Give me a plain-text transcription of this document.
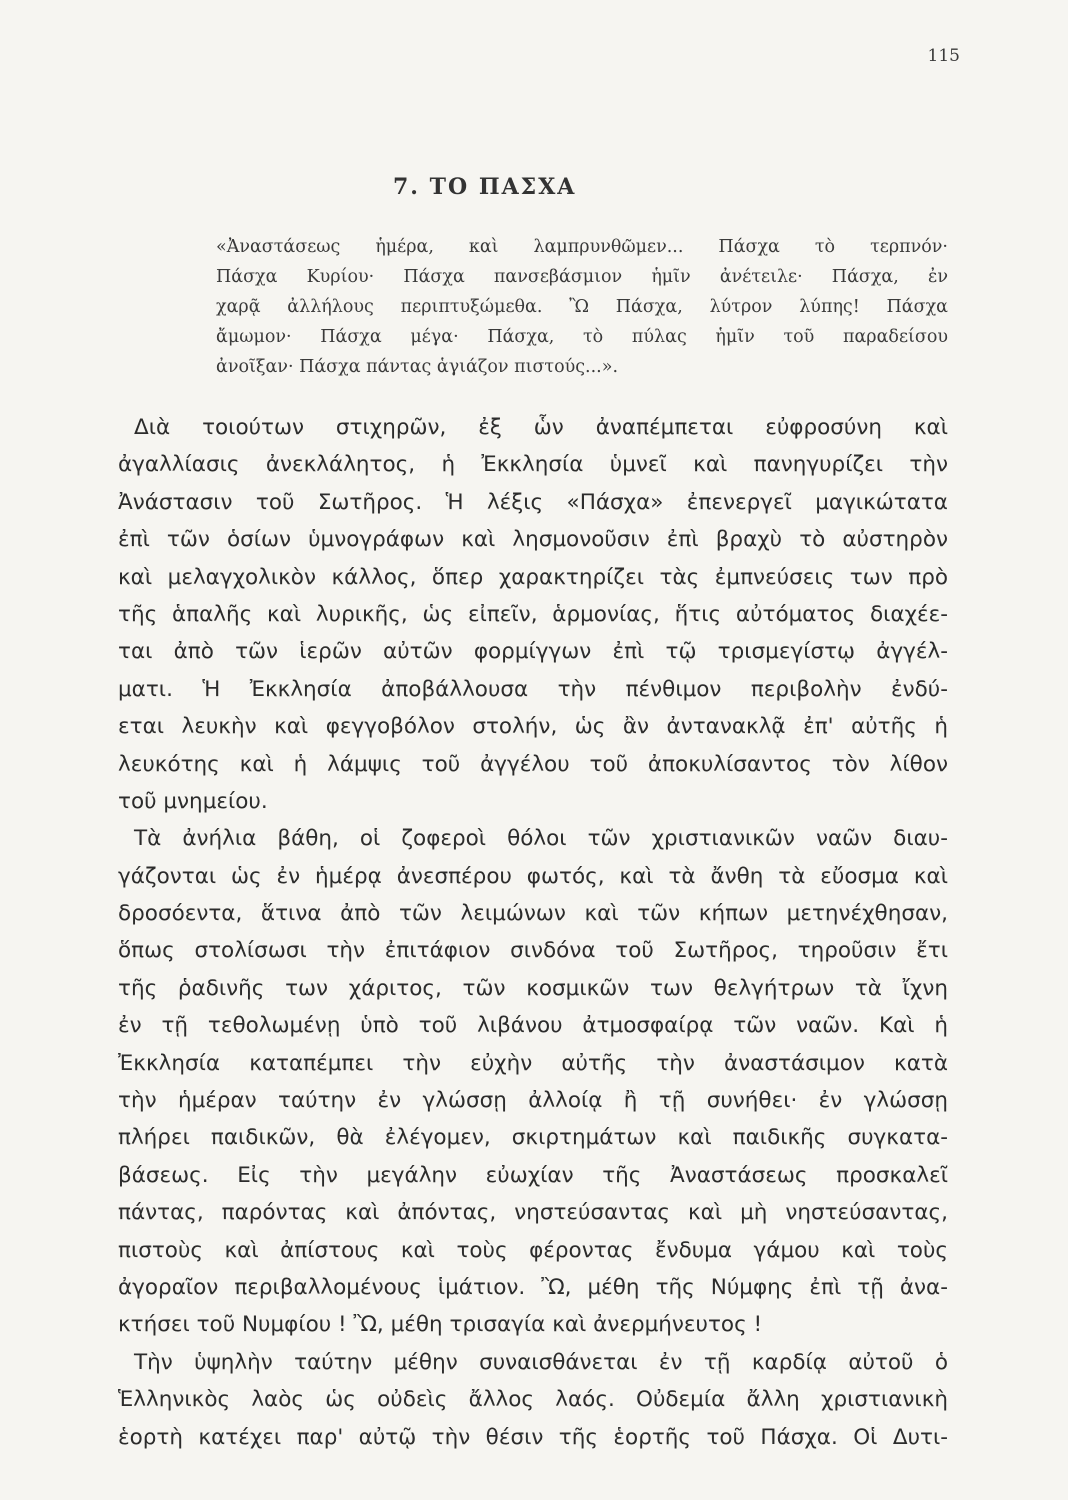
115
7. ΤΟ ΠΑΣΧΑ
«Ἀναστάσεως ἡμέρα, καὶ λαμπρυνθῶμεν... Πάσχα τὸ τερπνόν·
Πάσχα Κυρίου· Πάσχα πανσεβάσμιον ἡμῖν ἀνέτειλε· Πάσχα, ἐν
χαρᾷ ἀλλήλους περιπτυξώμεθα. Ὢ Πάσχα, λύτρον λύπης! Πάσχα
ἄμωμον· Πάσχα μέγα· Πάσχα, τὸ πύλας ἡμῖν τοῦ παραδείσου
ἀνοῖξαν· Πάσχα πάντας ἁγιάζον πιστούς...».
Διὰ τοιούτων στιχηρῶν, ἐξ ὧν ἀναπέμπεται εὐφροσύνη καὶ
ἀγαλλίασις ἀνεκλάλητος, ἡ Ἐκκλησία ὑμνεῖ καὶ πανηγυρίζει τὴν
Ἀνάστασιν τοῦ Σωτῆρος. Ἡ λέξις «Πάσχα» ἐπενεργεῖ μαγικώτατα
ἐπὶ τῶν ὁσίων ὑμνογράφων καὶ λησμονοῦσιν ἐπὶ βραχὺ τὸ αὐστηρὸν
καὶ μελαγχολικὸν κάλλος, ὅπερ χαρακτηρίζει τὰς ἐμπνεύσεις των πρὸ
τῆς ἁπαλῆς καὶ λυρικῆς, ὡς εἰπεῖν, ἁρμονίας, ἥτις αὐτόματος διαχέε-
ται ἀπὸ τῶν ἱερῶν αὐτῶν φορμίγγων ἐπὶ τῷ τρισμεγίστῳ ἀγγέλ-
ματι. Ἡ Ἐκκλησία ἀποβάλλουσα τὴν πένθιμον περιβολὴν ἐνδύ-
εται λευκὴν καὶ φεγγοβόλον στολήν, ὡς ἂν ἀντανακλᾷ ἐπ' αὐτῆς ἡ
λευκότης καὶ ἡ λάμψις τοῦ ἀγγέλου τοῦ ἀποκυλίσαντος τὸν λίθον
τοῦ μνημείου.
Τὰ ἀνήλια βάθη, οἱ ζοφεροὶ θόλοι τῶν χριστιανικῶν ναῶν διαυ-
γάζονται ὡς ἐν ἡμέρᾳ ἀνεσπέρου φωτός, καὶ τὰ ἄνθη τὰ εὔοσμα καὶ
δροσόεντα, ἅτινα ἀπὸ τῶν λειμώνων καὶ τῶν κήπων μετηνέχθησαν,
ὅπως στολίσωσι τὴν ἐπιτάφιον σινδόνα τοῦ Σωτῆρος, τηροῦσιν ἔτι
τῆς ῥαδινῆς των χάριτος, τῶν κοσμικῶν των θελγήτρων τὰ ἴχνη
ἐν τῇ τεθολωμένῃ ὑπὸ τοῦ λιβάνου ἀτμοσφαίρᾳ τῶν ναῶν. Καὶ ἡ
Ἐκκλησία καταπέμπει τὴν εὐχὴν αὐτῆς τὴν ἀναστάσιμον κατὰ
τὴν ἡμέραν ταύτην ἐν γλώσσῃ ἀλλοίᾳ ἢ τῇ συνήθει· ἐν γλώσσῃ
πλήρει παιδικῶν, θὰ ἐλέγομεν, σκιρτημάτων καὶ παιδικῆς συγκατα-
βάσεως. Εἰς τὴν μεγάλην εὐωχίαν τῆς Ἀναστάσεως προσκαλεῖ
πάντας, παρόντας καὶ ἀπόντας, νηστεύσαντας καὶ μὴ νηστεύσαντας,
πιστοὺς καὶ ἀπίστους καὶ τοὺς φέροντας ἔνδυμα γάμου καὶ τοὺς
ἀγοραῖον περιβαλλομένους ἱμάτιον. Ὢ, μέθη τῆς Νύμφης ἐπὶ τῇ ἀνα-
κτήσει τοῦ Νυμφίου ! Ὢ, μέθη τρισαγία καὶ ἀνερμήνευτος !
Τὴν ὑψηλὴν ταύτην μέθην συναισθάνεται ἐν τῇ καρδίᾳ αὐτοῦ ὁ
Ἑλληνικὸς λαὸς ὡς οὐδεὶς ἄλλος λαός. Οὐδεμία ἄλλη χριστιανικὴ
ἑορτὴ κατέχει παρ' αὐτῷ τὴν θέσιν τῆς ἑορτῆς τοῦ Πάσχα. Οἱ Δυτι-
